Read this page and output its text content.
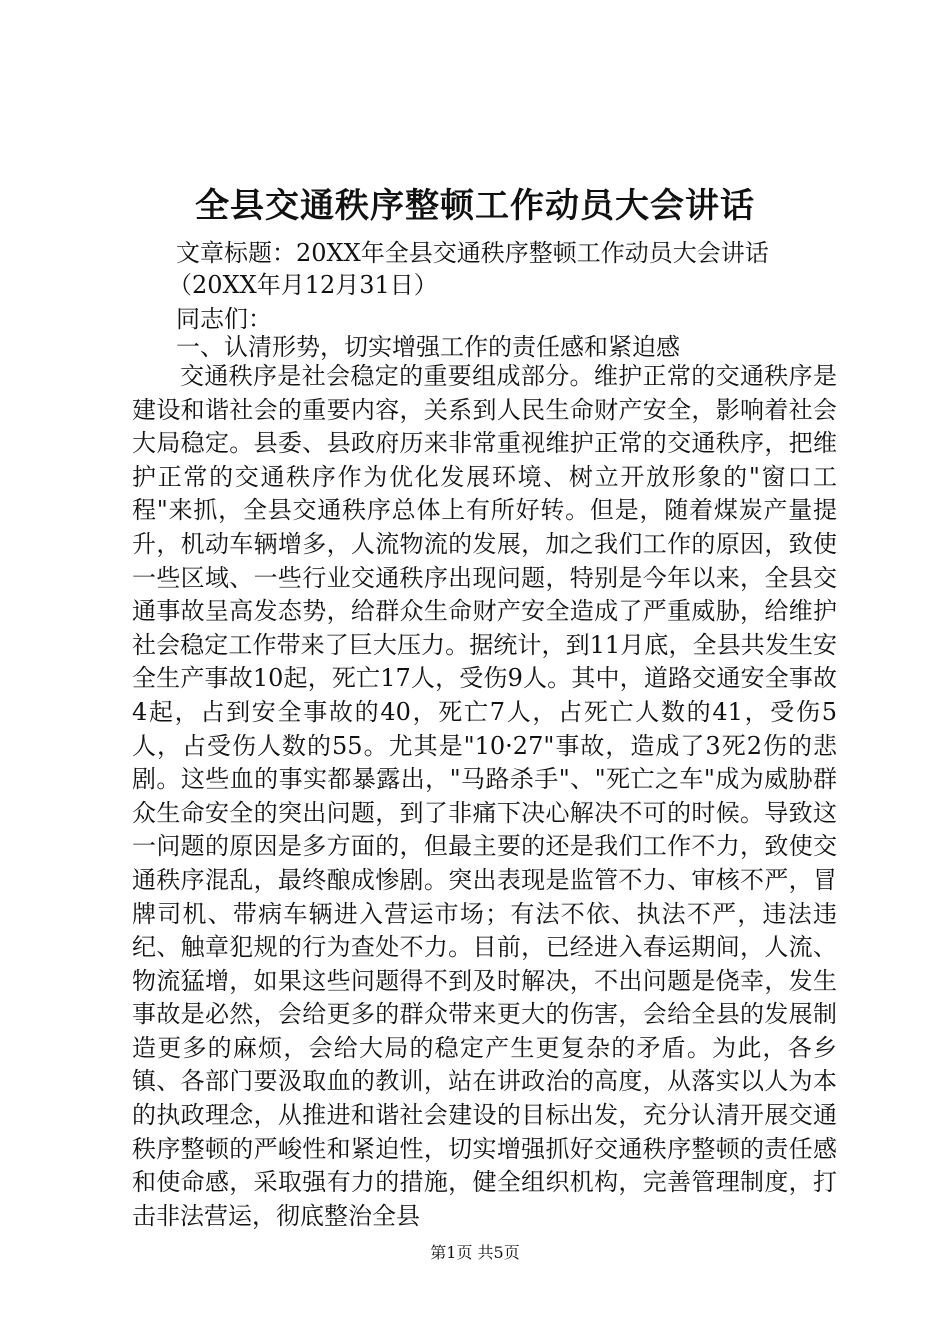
全县交通秩序整顿工作动员大会讲话
文章标题：20XX年全县交通秩序整顿工作动员大会讲话
（20XX年月12月31日）
同志们：
一、认清形势，切实增强工作的责任感和紧迫感

交通秩序是社会稳定的重要组成部分。维护正常的交通秩序是建设和谐社会的重要内容，关系到人民生命财产安全，影响着社会大局稳定。县委、县政府历来非常重视维护正常的交通秩序，把维护正常的交通秩序作为优化发展环境、树立开放形象的"窗口工程"来抓，全县交通秩序总体上有所好转。但是，随着煤炭产量提升，机动车辆增多，人流物流的发展，加之我们工作的原因，致使一些区域、一些行业交通秩序出现问题，特别是今年以来，全县交通事故呈高发态势，给群众生命财产安全造成了严重威胁，给维护社会稳定工作带来了巨大压力。据统计，到11月底，全县共发生安全生产事故10起，死亡17人，受伤9人。其中，道路交通安全事故4起，占到安全事故的40，死亡7人，占死亡人数的41，受伤5人，占受伤人数的55。尤其是"10·27"事故，造成了3死2伤的悲剧。这些血的事实都暴露出，"马路杀手"、"死亡之车"成为威胁群众生命安全的突出问题，到了非痛下决心解决不可的时候。导致这一问题的原因是多方面的，但最主要的还是我们工作不力，致使交通秩序混乱，最终酿成惨剧。突出表现是监管不力、审核不严，冒牌司机、带病车辆进入营运市场；有法不依、执法不严，违法违纪、触章犯规的行为查处不力。目前，已经进入春运期间，人流、物流猛增，如果这些问题得不到及时解决，不出问题是侥幸，发生事故是必然，会给更多的群众带来更大的伤害，会给全县的发展制造更多的麻烦，会给大局的稳定产生更复杂的矛盾。为此，各乡镇、各部门要汲取血的教训，站在讲政治的高度，从落实以人为本的执政理念，从推进和谐社会建设的目标出发，充分认清开展交通秩序整顿的严峻性和紧迫性，切实增强抓好交通秩序整顿的责任感和使命感，采取强有力的措施，健全组织机构，完善管理制度，打击非法营运，彻底整治全县

第1页 共5页
